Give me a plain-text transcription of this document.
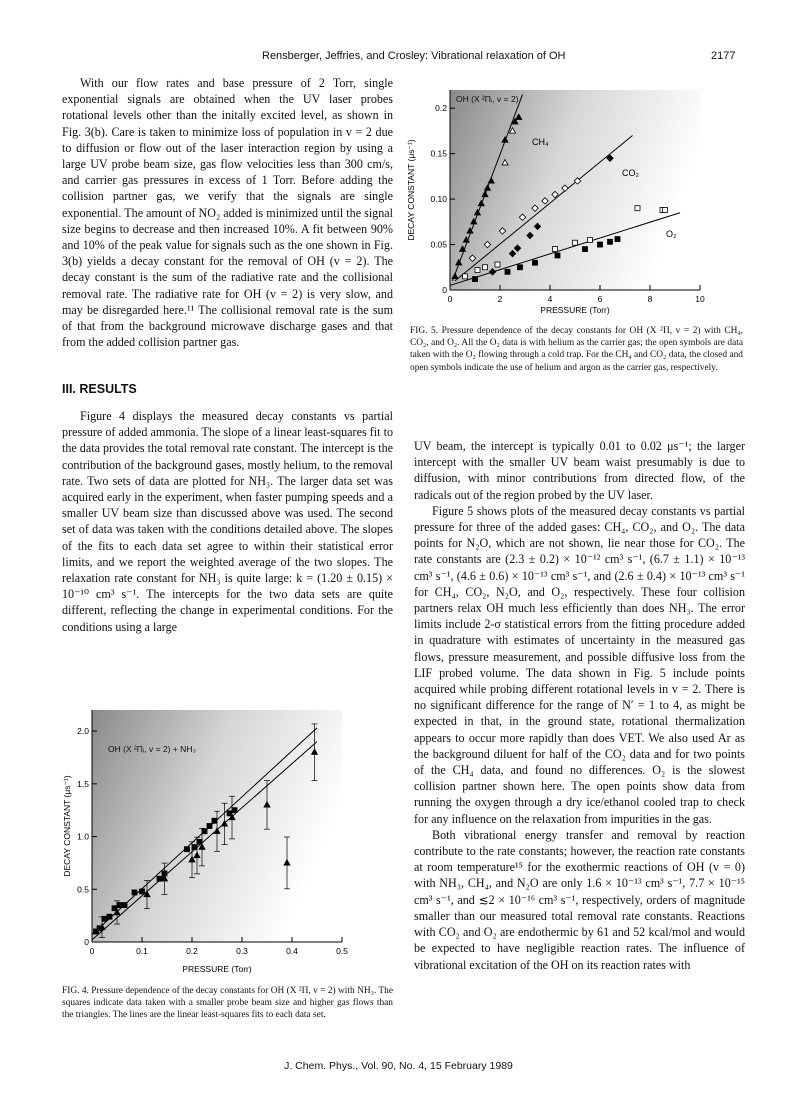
Rensberger, Jeffries, and Crosley: Vibrational relaxation of OH	2177

With our flow rates and base pressure of 2 Torr, single exponential signals are obtained when the UV laser probes rotational levels other than the initally excited level, as shown in Fig. 3(b). Care is taken to minimize loss of population in v = 2 due to diffusion or flow out of the laser interaction region by using a large UV probe beam size, gas flow velocities less than 300 cm/s, and carrier gas pressures in excess of 1 Torr. Before adding the collision partner gas, we verify that the signals are single exponential. The amount of NO₂ added is minimized until the signal size begins to decrease and then increased 10%. A fit between 90% and 10% of the peak value for signals such as the one shown in Fig. 3(b) yields a decay constant for the removal of OH (v = 2). The decay constant is the sum of the radiative rate and the collisional removal rate. The radiative rate for OH (v = 2) is very slow, and may be disregarded here.¹¹ The collisional removal rate is the sum of that from the background microwave discharge gases and that from the added collision partner gas.

III. RESULTS

Figure 4 displays the measured decay constants vs partial pressure of added ammonia. The slope of a linear least-squares fit to the data provides the total removal rate constant. The intercept is the contribution of the background gases, mostly helium, to the removal rate. Two sets of data are plotted for NH₃. The larger data set was acquired early in the experiment, when faster pumping speeds and a smaller UV beam size than discussed above was used. The second set of data was taken with the conditions detailed above. The slopes of the fits to each data set agree to within their statistical error limits, and we report the weighted average of the two slopes. The relaxation rate constant for NH₃ is quite large: k = (1.20 ± 0.15) × 10⁻¹⁰ cm³ s⁻¹. The intercepts for the two data sets are quite different, reflecting the change in experimental conditions. For the conditions using a large

UV beam, the intercept is typically 0.01 to 0.02 μs⁻¹; the larger intercept with the smaller UV beam waist presumably is due to diffusion, with minor contributions from directed flow, of the radicals out of the region probed by the UV laser.

Figure 5 shows plots of the measured decay constants vs partial pressure for three of the added gases: CH₄, CO₂, and O₂. The data points for N₂O, which are not shown, lie near those for CO₂. The rate constants are (2.3 ± 0.2) × 10⁻¹² cm³ s⁻¹, (6.7 ± 1.1) × 10⁻¹³ cm³ s⁻¹, (4.6 ± 0.6) × 10⁻¹³ cm³ s⁻¹, and (2.6 ± 0.4) × 10⁻¹³ cm³ s⁻¹ for CH₄, CO₂, N₂O, and O₂, respectively. These four collision partners relax OH much less efficiently than does NH₃. The error limits include 2-σ statistical errors from the fitting procedure added in quadrature with estimates of uncertainty in the measured gas flows, pressure measurement, and possible diffusive loss from the LIF probed volume. The data shown in Fig. 5 include points acquired while probing different rotational levels in v = 2. There is no significant difference for the range of N′ = 1 to 4, as might be expected in that, in the ground state, rotational thermalization appears to occur more rapidly than does VET. We also used Ar as the background diluent for half of the CO₂ data and for two points of the CH₄ data, and found no differences. O₂ is the slowest collision partner shown here. The open points show data from running the oxygen through a dry ice/ethanol cooled trap to check for any influence on the relaxation from impurities in the gas.

Both vibrational energy transfer and removal by reaction contribute to the rate constants; however, the reaction rate constants at room temperature¹⁵ for the exothermic reactions of OH (v = 0) with NH₃, CH₄, and N₂O are only 1.6 × 10⁻¹³ cm³ s⁻¹, 7.7 × 10⁻¹⁵ cm³ s⁻¹, and ≲2 × 10⁻¹⁶ cm³ s⁻¹, respectively, orders of magnitude smaller than our measured total removal rate constants. Reactions with CO₂ and O₂ are endothermic by 61 and 52 kcal/mol and would be expected to have negligible reaction rates. The influence of vibrational excitation of the OH on its reaction rates with

0	2	4	6	8	10
0
0.05
0.10
0.15
0.2
OH (X ²Πᵢ, v = 2)
CH₄
CO₂
O₂
PRESSURE (Torr)
DECAY CONSTANT (μs⁻¹)
FIG. 5. Pressure dependence of the decay constants for OH (X ²Π, v = 2) with CH₄, CO₂, and O₂. All the O₂ data is with helium as the carrier gas; the open symbols are data taken with the O₂ flowing through a cold trap. For the CH₄ and CO₂ data, the closed and open symbols indicate the use of helium and argon as the carrier gas, respectively.
0	0.1	0.2	0.3	0.4	0.5
0
0.5
1.0
1.5
2.0
OH (X ²Πᵢ, v = 2) + NH₃
PRESSURE (Torr)
DECAY CONSTANT (μs⁻¹)
FIG. 4. Pressure dependence of the decay constants for OH (X ²Π, v = 2) with NH₃. The squares indicate data taken with a smaller probe beam size and higher gas flows than the triangles. The lines are the linear least-squares fits to each data set.
J. Chem. Phys., Vol. 90, No. 4, 15 February 1989
